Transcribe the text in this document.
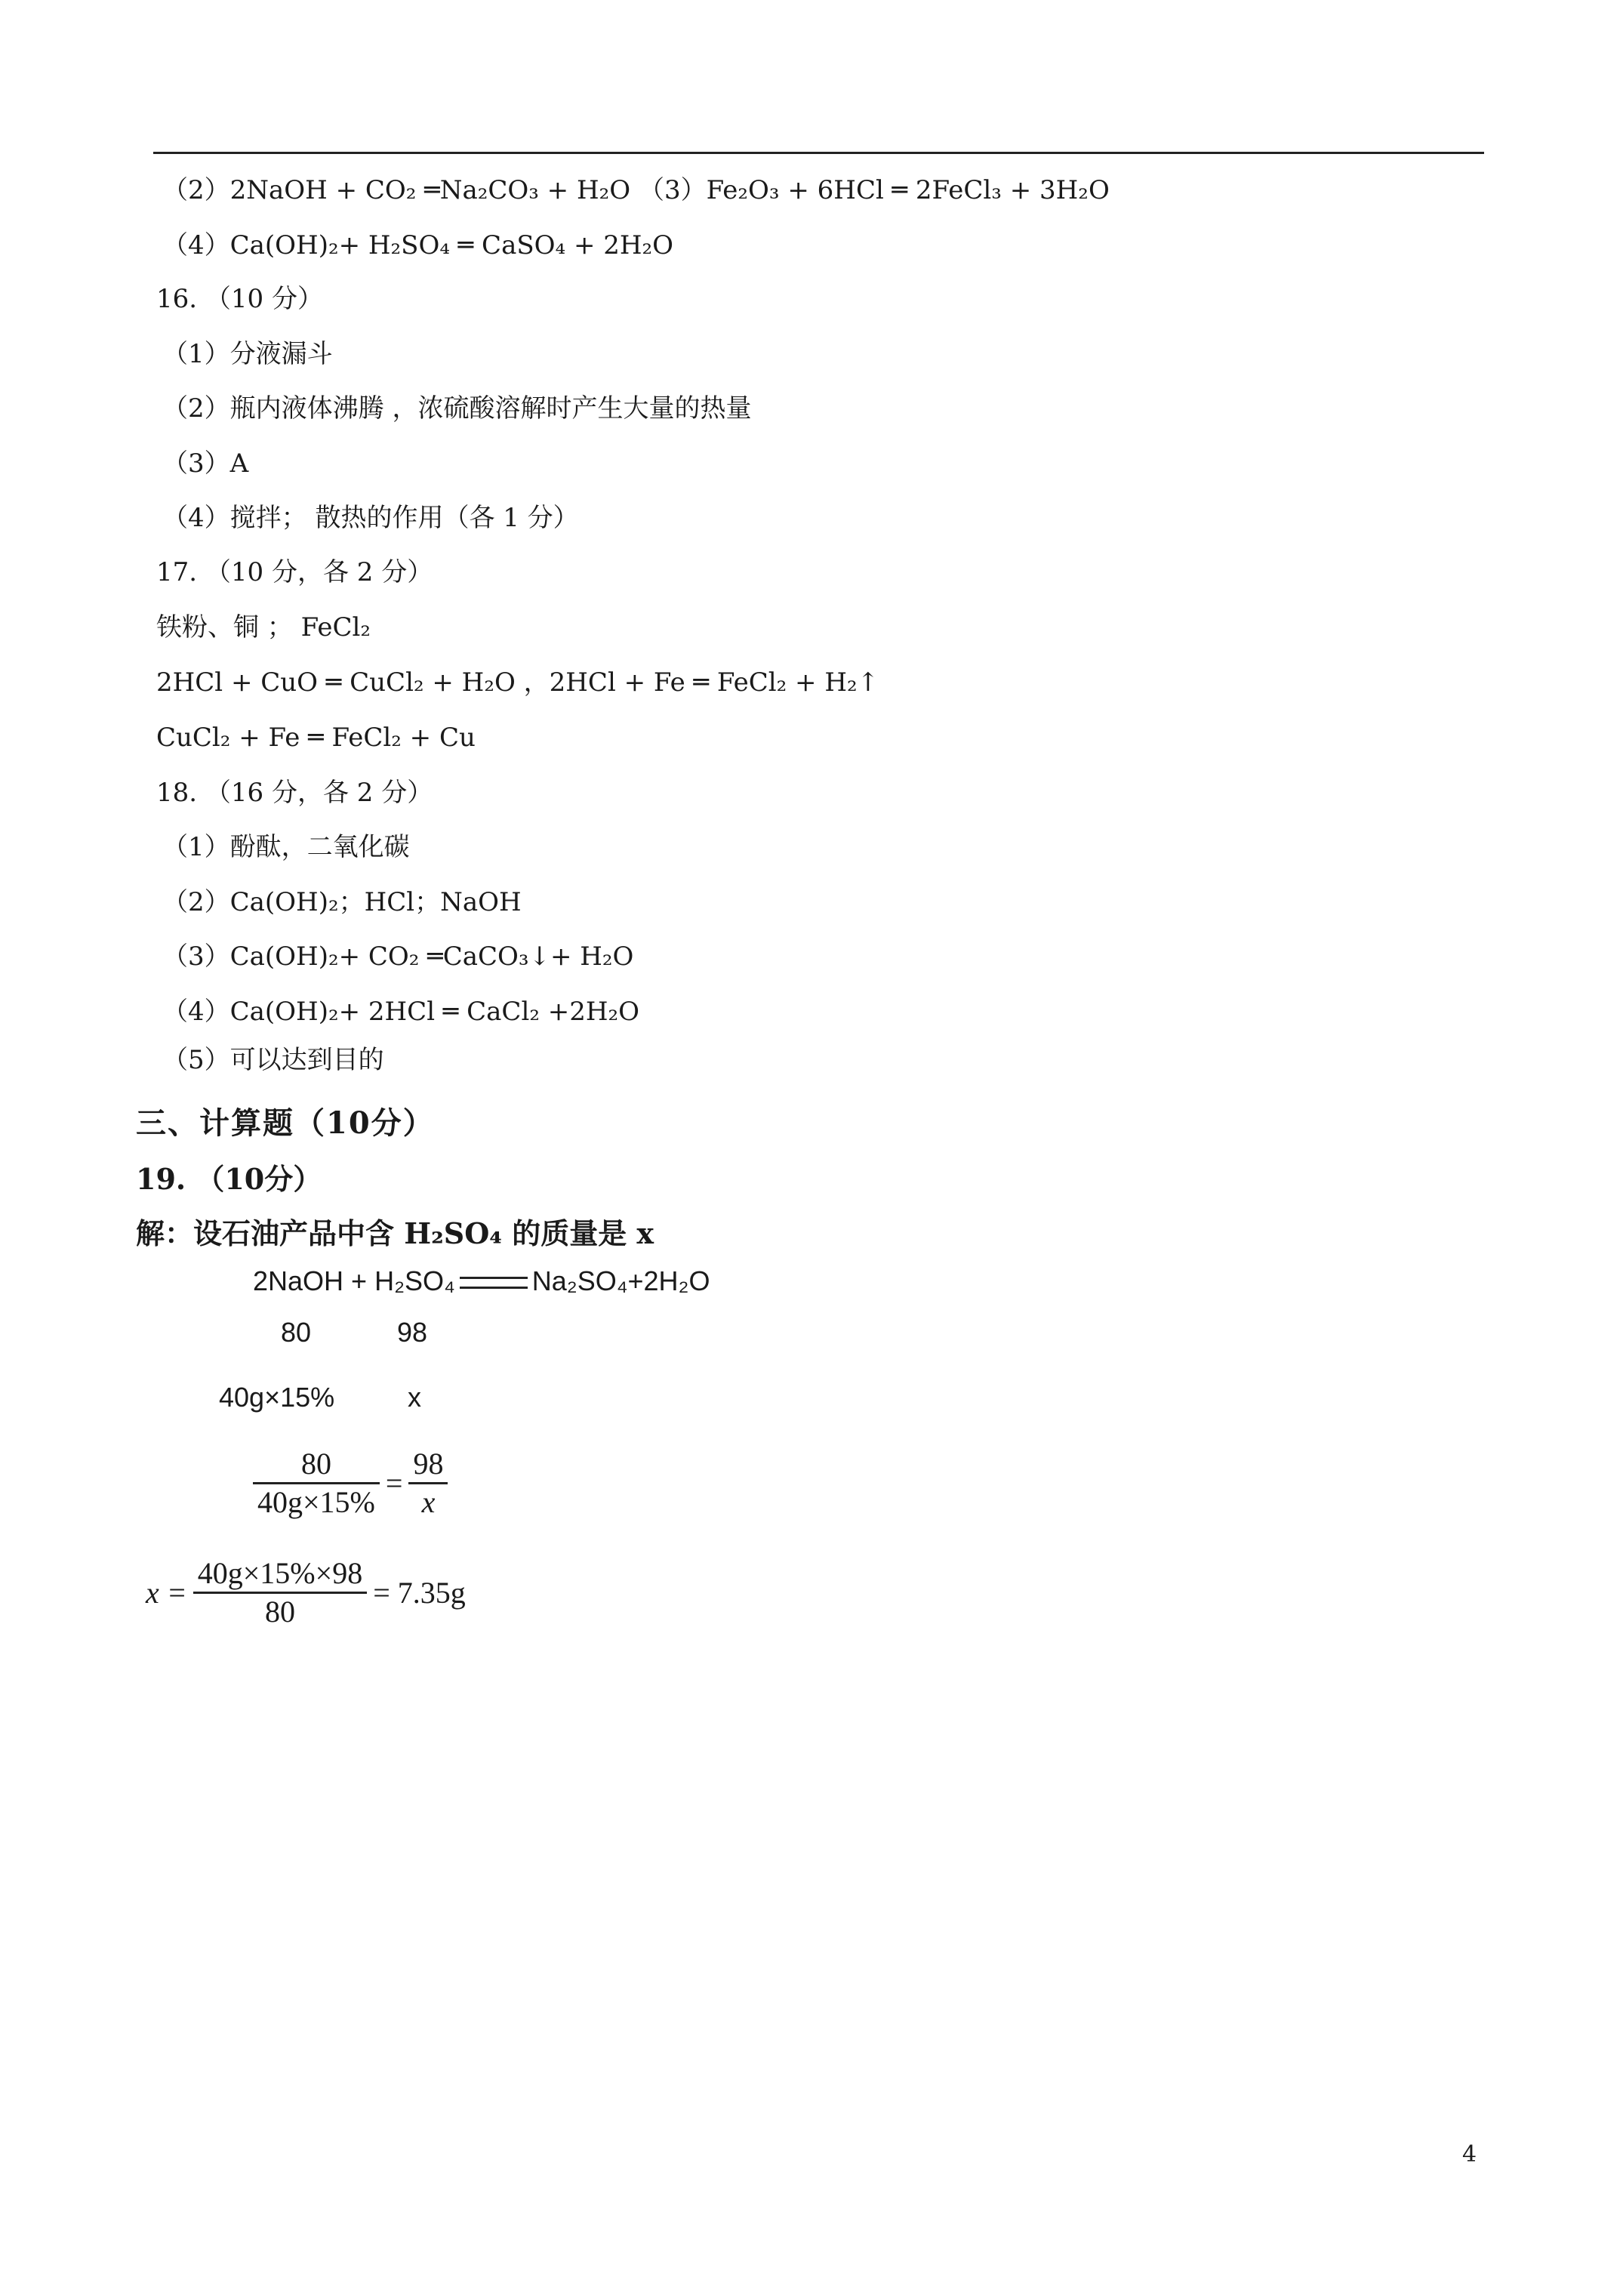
（2）2NaOH + CO₂ ═Na₂CO₃ + H₂O （3）Fe₂O₃ + 6HCl ═ 2FeCl₃ + 3H₂O
（4）Ca(OH)₂+ H₂SO₄ ═ CaSO₄ + 2H₂O
16. （10 分）
（1）分液漏斗
（2）瓶内液体沸腾 ，浓硫酸溶解时产生大量的热量
（3）A
（4）搅拌； 散热的作用（各 1 分）
17. （10 分，各 2 分）
铁粉、铜 ； FeCl₂
2HCl + CuO ═ CuCl₂ + H₂O ，2HCl + Fe ═ FeCl₂ + H₂↑
CuCl₂ + Fe ═ FeCl₂ + Cu
18. （16 分，各 2 分）
（1）酚酞，二氧化碳
（2）Ca(OH)₂；HCl；NaOH
（3）Ca(OH)₂+ CO₂ ═CaCO₃↓+ H₂O
（4）Ca(OH)₂+ 2HCl ═ CaCl₂ +2H₂O
（5）可以达到目的
三、计算题（10分）
19. （10分）
解：设石油产品中含 H₂SO₄ 的质量是 x
2NaOH + H₂SO₄	Na₂SO₄+2H₂O
80	98
40g×15%	x
$\frac{80}{40g\times 15\%} = \frac{98}{x}$
$x = \frac{40g\times 15\%\times 98}{80} = 7.35g$
4
